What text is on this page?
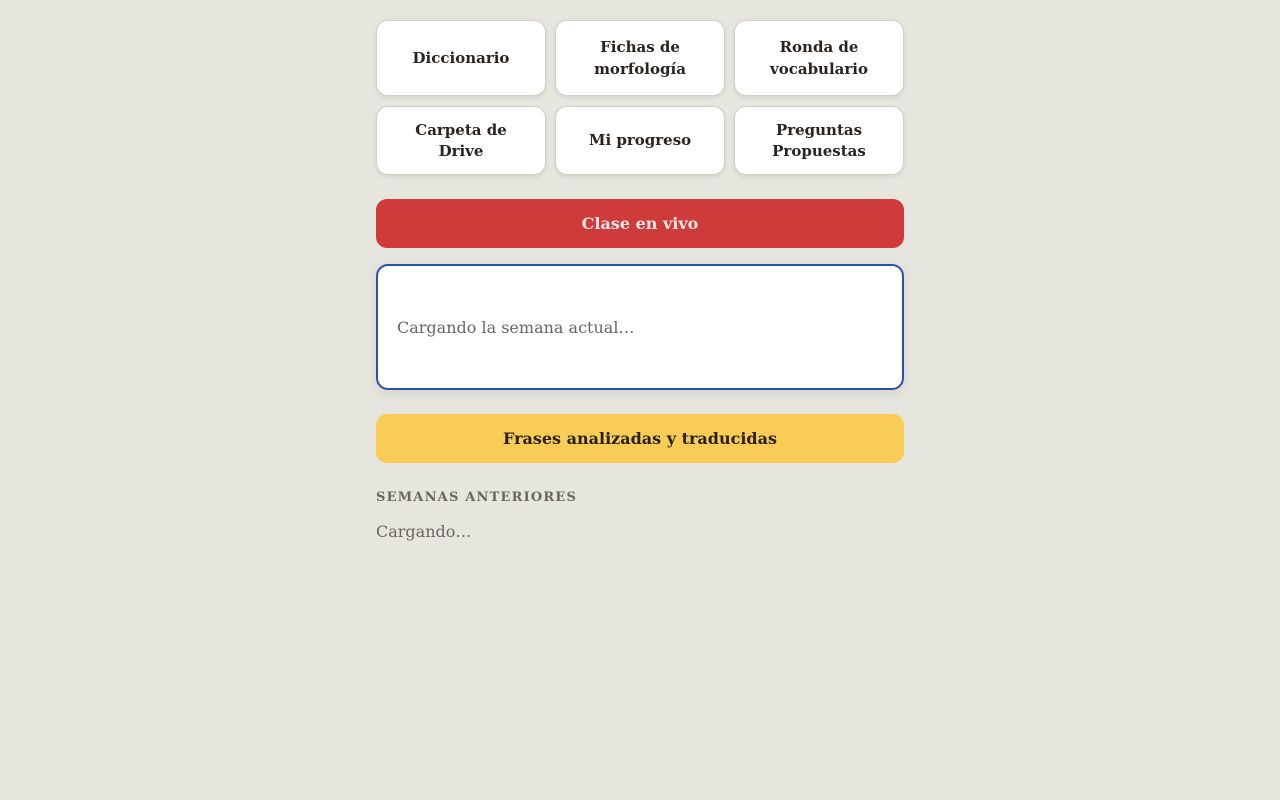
Diccionario
Fichas de morfología
Ronda de vocabulario
Carpeta de Drive
Mi progreso
Preguntas Propuestas
Clase en vivo
Cargando la semana actual…
Frases analizadas y traducidas
SEMANAS ANTERIORES
Cargando…
